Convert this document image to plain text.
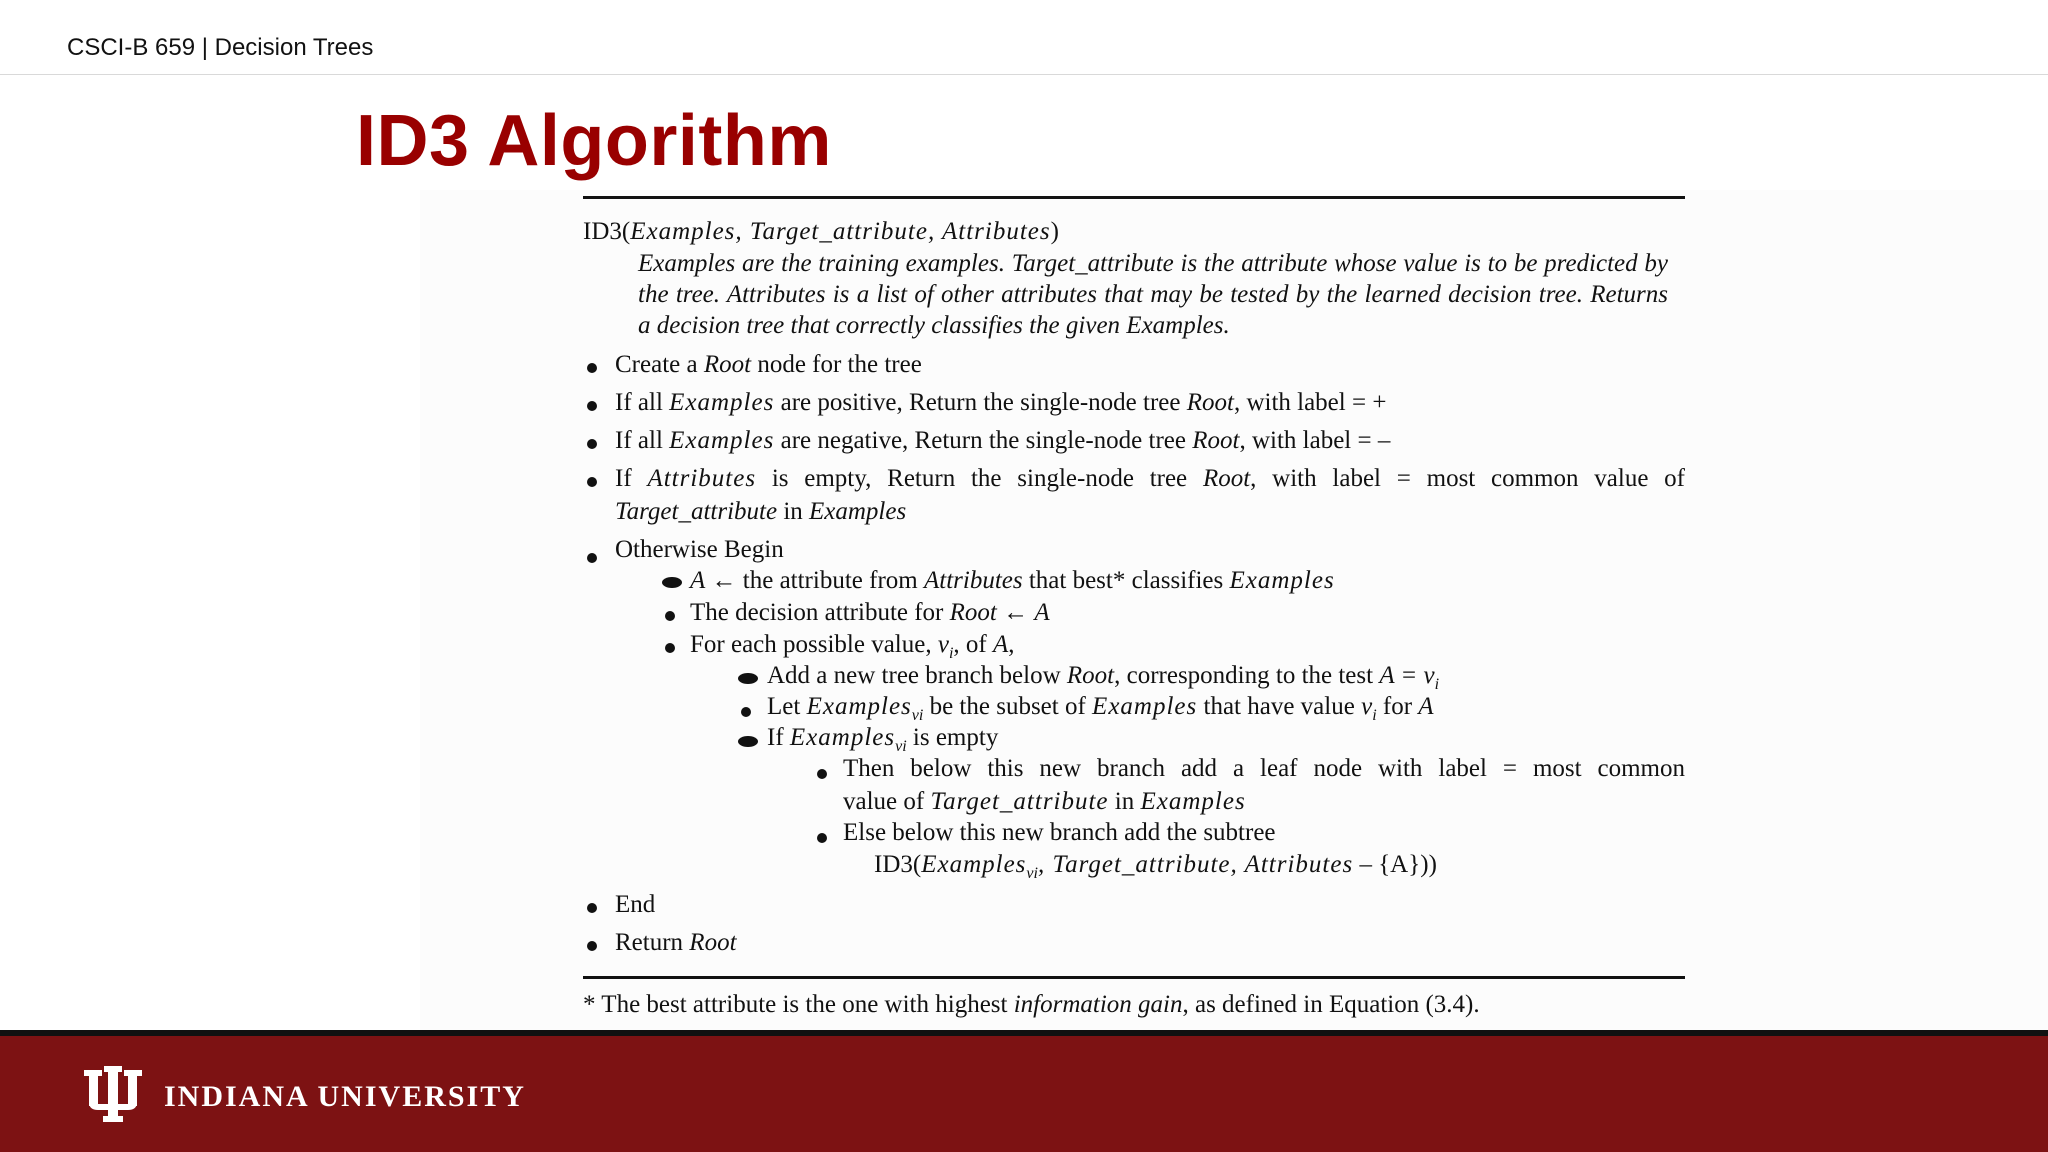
CSCI-B 659 | Decision Trees
ID3 Algorithm
ID3(Examples, Target_attribute, Attributes)
Examples are the training examples. Target_attribute is the attribute whose value is to be predicted by the tree. Attributes is a list of other attributes that may be tested by the learned decision tree. Returns a decision tree that correctly classifies the given Examples.
Create a Root node for the tree
If all Examples are positive, Return the single-node tree Root, with label = +
If all Examples are negative, Return the single-node tree Root, with label = –
If Attributes is empty, Return the single-node tree Root, with label = most common value of
Target_attribute in Examples
Otherwise Begin
A ← the attribute from Attributes that best* classifies Examples
The decision attribute for Root ← A
For each possible value, $v_i$, of A,
Add a new tree branch below Root, corresponding to the test $A = v_i$
Let Examples$_{vi}$ be the subset of Examples that have value $v_i$ for A
If Examples$_{vi}$ is empty
Then below this new branch add a leaf node with label = most common
value of Target_attribute in Examples
Else below this new branch add the subtree
ID3(Examples$_{vi}$, Target_attribute, Attributes – {A}))
End
Return Root
* The best attribute is the one with highest information gain, as defined in Equation (3.4).
INDIANA UNIVERSITY
